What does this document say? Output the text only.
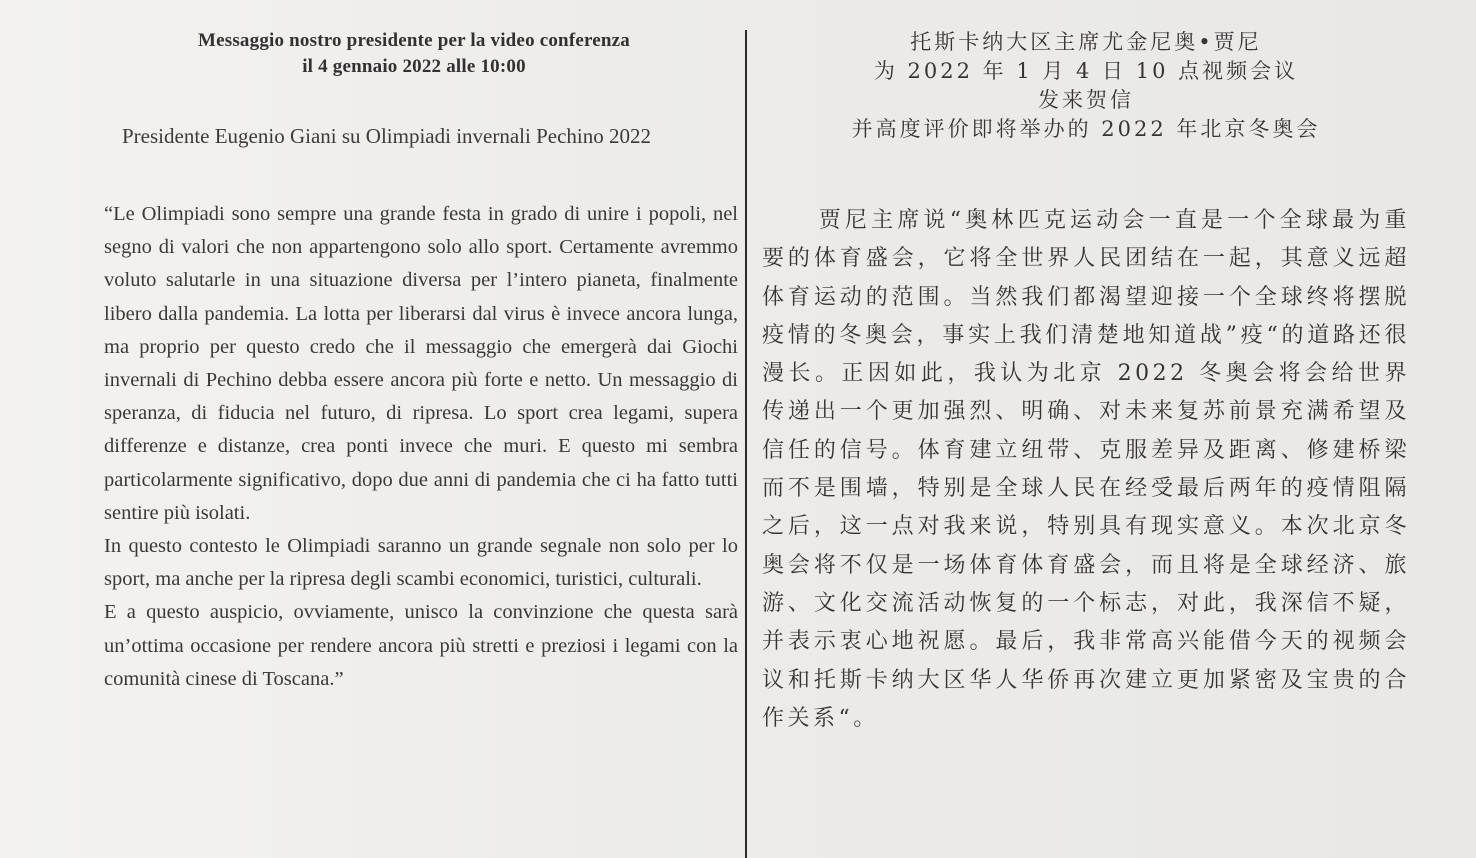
Messaggio nostro presidente per la video conferenza
il 4 gennaio 2022 alle 10:00

Presidente Eugenio Giani su Olimpiadi invernali Pechino 2022

“Le Olimpiadi sono sempre una grande festa in grado di unire i popoli, nel segno di valori che non appartengono solo allo sport. Certamente avremmo voluto salutarle in una situazione diversa per l’intero pianeta, finalmente libero dalla pandemia. La lotta per liberarsi dal virus è invece ancora lunga, ma proprio per questo credo che il messaggio che emergerà dai Giochi invernali di Pechino debba essere ancora più forte e netto. Un messaggio di speranza, di fiducia nel futuro, di ripresa. Lo sport crea legami, supera differenze e distanze, crea ponti invece che muri. E questo mi sembra particolarmente significativo, dopo due anni di pandemia che ci ha fatto tutti sentire più isolati.

In questo contesto le Olimpiadi saranno un grande segnale non solo per lo sport, ma anche per la ripresa degli scambi economici, turistici, culturali.

E a questo auspicio, ovviamente, unisco la convinzione che questa sarà un’ottima occasione per rendere ancora più stretti e preziosi i legami con la comunità cinese di Toscana.”

托斯卡纳大区主席尤金尼奥•贾尼
为 2022 年 1 月 4 日 10 点视频会议
发来贺信
并高度评价即将举办的 2022 年北京冬奥会

贾尼主席说“奥林匹克运动会一直是一个全球最为重要的体育盛会，它将全世界人民团结在一起，其意义远超体育运动的范围。当然我们都渴望迎接一个全球终将摆脱疫情的冬奥会，事实上我们清楚地知道战”疫“的道路还很漫长。正因如此，我认为北京 2022 冬奥会将会给世界传递出一个更加强烈、明确、对未来复苏前景充满希望及信任的信号。体育建立纽带、克服差异及距离、修建桥梁而不是围墙，特别是全球人民在经受最后两年的疫情阻隔之后，这一点对我来说，特别具有现实意义。本次北京冬奥会将不仅是一场体育体育盛会，而且将是全球经济、旅游、文化交流活动恢复的一个标志，对此，我深信不疑，并表示衷心地祝愿。最后，我非常高兴能借今天的视频会议和托斯卡纳大区华人华侨再次建立更加紧密及宝贵的合作关系“。
